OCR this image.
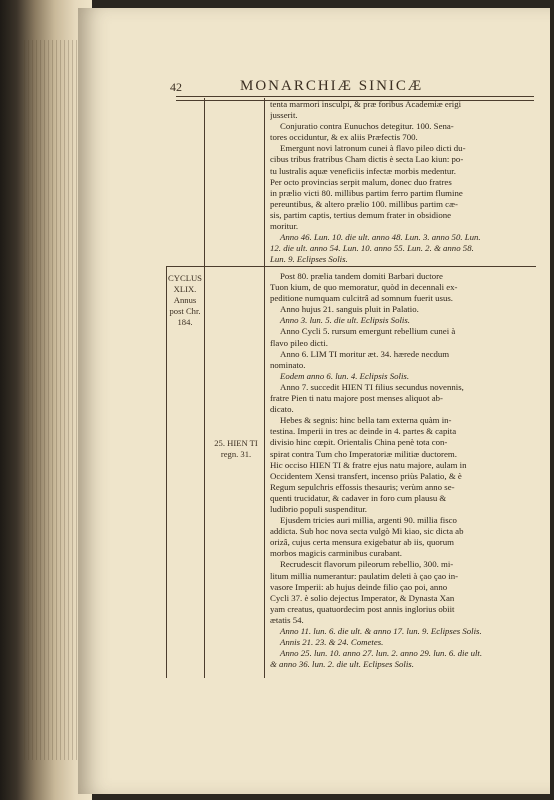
42	MONARCHIÆ SINICÆ
CYCLUS
XLIX.
Annus
post Chr.
184.
25. HIEN TI
regn. 31.
tenta marmori insculpi, & præ foribus Academiæ erigi
jusserit.
Conjuratio contra Eunuchos detegitur. 100. Sena-
tores occiduntur, & ex aliis Præfectis 700.
Emergunt novi latronum cunei à flavo pileo dicti du-
cibus tribus fratribus Cham dictis è secta Lao kiun: po-
tu lustralis aquæ veneficiis infectæ morbis medentur.
Per octo provincias serpit malum, donec duo fratres
in prælio victi 80. millibus partim ferro partim flumine
pereuntibus, & altero prælio 100. millibus partim cæ-
sis, partim captis, tertius demum frater in obsidione
moritur.
Anno 46. Lun. 10. die ult. anno 48. Lun. 3. anno 50. Lun.
12. die ult. anno 54. Lun. 10. anno 55. Lun. 2. & anno 58.
Lun. 9. Eclipses Solis.
Post 80. prælia tandem domiti Barbari ductore
Tuon kium, de quo memoratur, quòd in decennali ex-
peditione numquam culcitrâ ad somnum fuerit usus.
Anno hujus 21. sanguis pluit in Palatio.
Anno 3. lun. 5. die ult. Eclipsis Solis.
Anno Cycli 5. rursum emergunt rebellium cunei à
flavo pileo dicti.
Anno 6. LIM TI moritur æt. 34. hærede necdum
nominato.
Eodem anno 6. lun. 4. Eclipsis Solis.
Anno 7. succedit HIEN TI filius secundus novennis,
fratre Pien ti natu majore post menses aliquot ab-
dicato.
Hebes & segnis: hinc bella tam externa quàm in-
testina. Imperii in tres ac deinde in 4. partes & capita
divisio hinc cœpit. Orientalis China penè tota con-
spirat contra Tum cho Imperatoriæ militiæ ductorem.
Hic occiso HIEN TI & fratre ejus natu majore, aulam in
Occidentem Xensi transfert, incenso priùs Palatio, & è
Regum sepulchris effossis thesauris; verùm anno se-
quenti trucidatur, & cadaver in foro cum plausu &
ludibrio populi suspenditur.
Ejusdem tricies auri millia, argenti 90. millia fisco
addicta. Sub hoc nova secta vulgò Mi kiao, sic dicta ab
orizâ, cujus certa mensura exigebatur ab iis, quorum
morbos magicis carminibus curabant.
Recrudescit flavorum pileorum rebellio, 300. mi-
litum millia numerantur: paulatim deleti à çao çao in-
vasore Imperii: ab hujus deinde filio çao poi, anno
Cycli 37. è solio dejectus Imperator, & Dynasta Xan
yam creatus, quatuordecim post annis inglorius obiit
ætatis 54.
Anno 11. lun. 6. die ult. & anno 17. lun. 9. Eclipses Solis.
Annis 21. 23. & 24. Cometes.
Anno 25. lun. 10. anno 27. lun. 2. anno 29. lun. 6. die ult.
& anno 36. lun. 2. die ult. Eclipses Solis.
